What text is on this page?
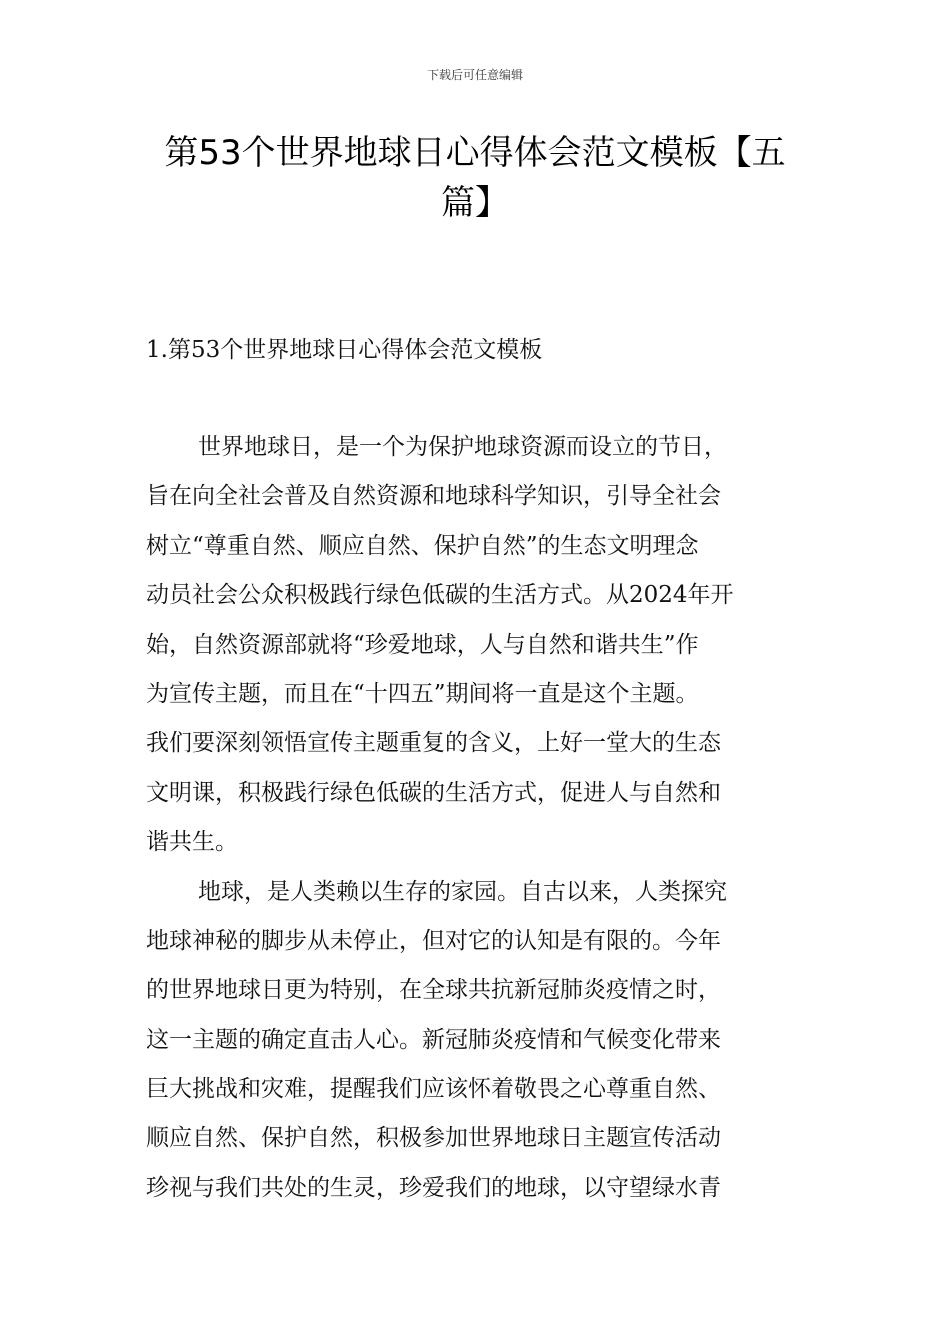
下载后可任意编辑
第53个世界地球日心得体会范文模板【五篇】
1.第53个世界地球日心得体会范文模板
世界地球日，是一个为保护地球资源而设立的节日，
旨在向全社会普及自然资源和地球科学知识，引导全社会
树立“尊重自然、顺应自然、保护自然”的生态文明理念
动员社会公众积极践行绿色低碳的生活方式。从2024年开
始，自然资源部就将“珍爱地球，人与自然和谐共生”作
为宣传主题，而且在“十四五”期间将一直是这个主题。
我们要深刻领悟宣传主题重复的含义，上好一堂大的生态
文明课，积极践行绿色低碳的生活方式，促进人与自然和
谐共生。
地球，是人类赖以生存的家园。自古以来，人类探究
地球神秘的脚步从未停止，但对它的认知是有限的。今年
的世界地球日更为特别，在全球共抗新冠肺炎疫情之时，
这一主题的确定直击人心。新冠肺炎疫情和气候变化带来
巨大挑战和灾难，提醒我们应该怀着敬畏之心尊重自然、
顺应自然、保护自然，积极参加世界地球日主题宣传活动
珍视与我们共处的生灵，珍爱我们的地球，以守望绿水青
